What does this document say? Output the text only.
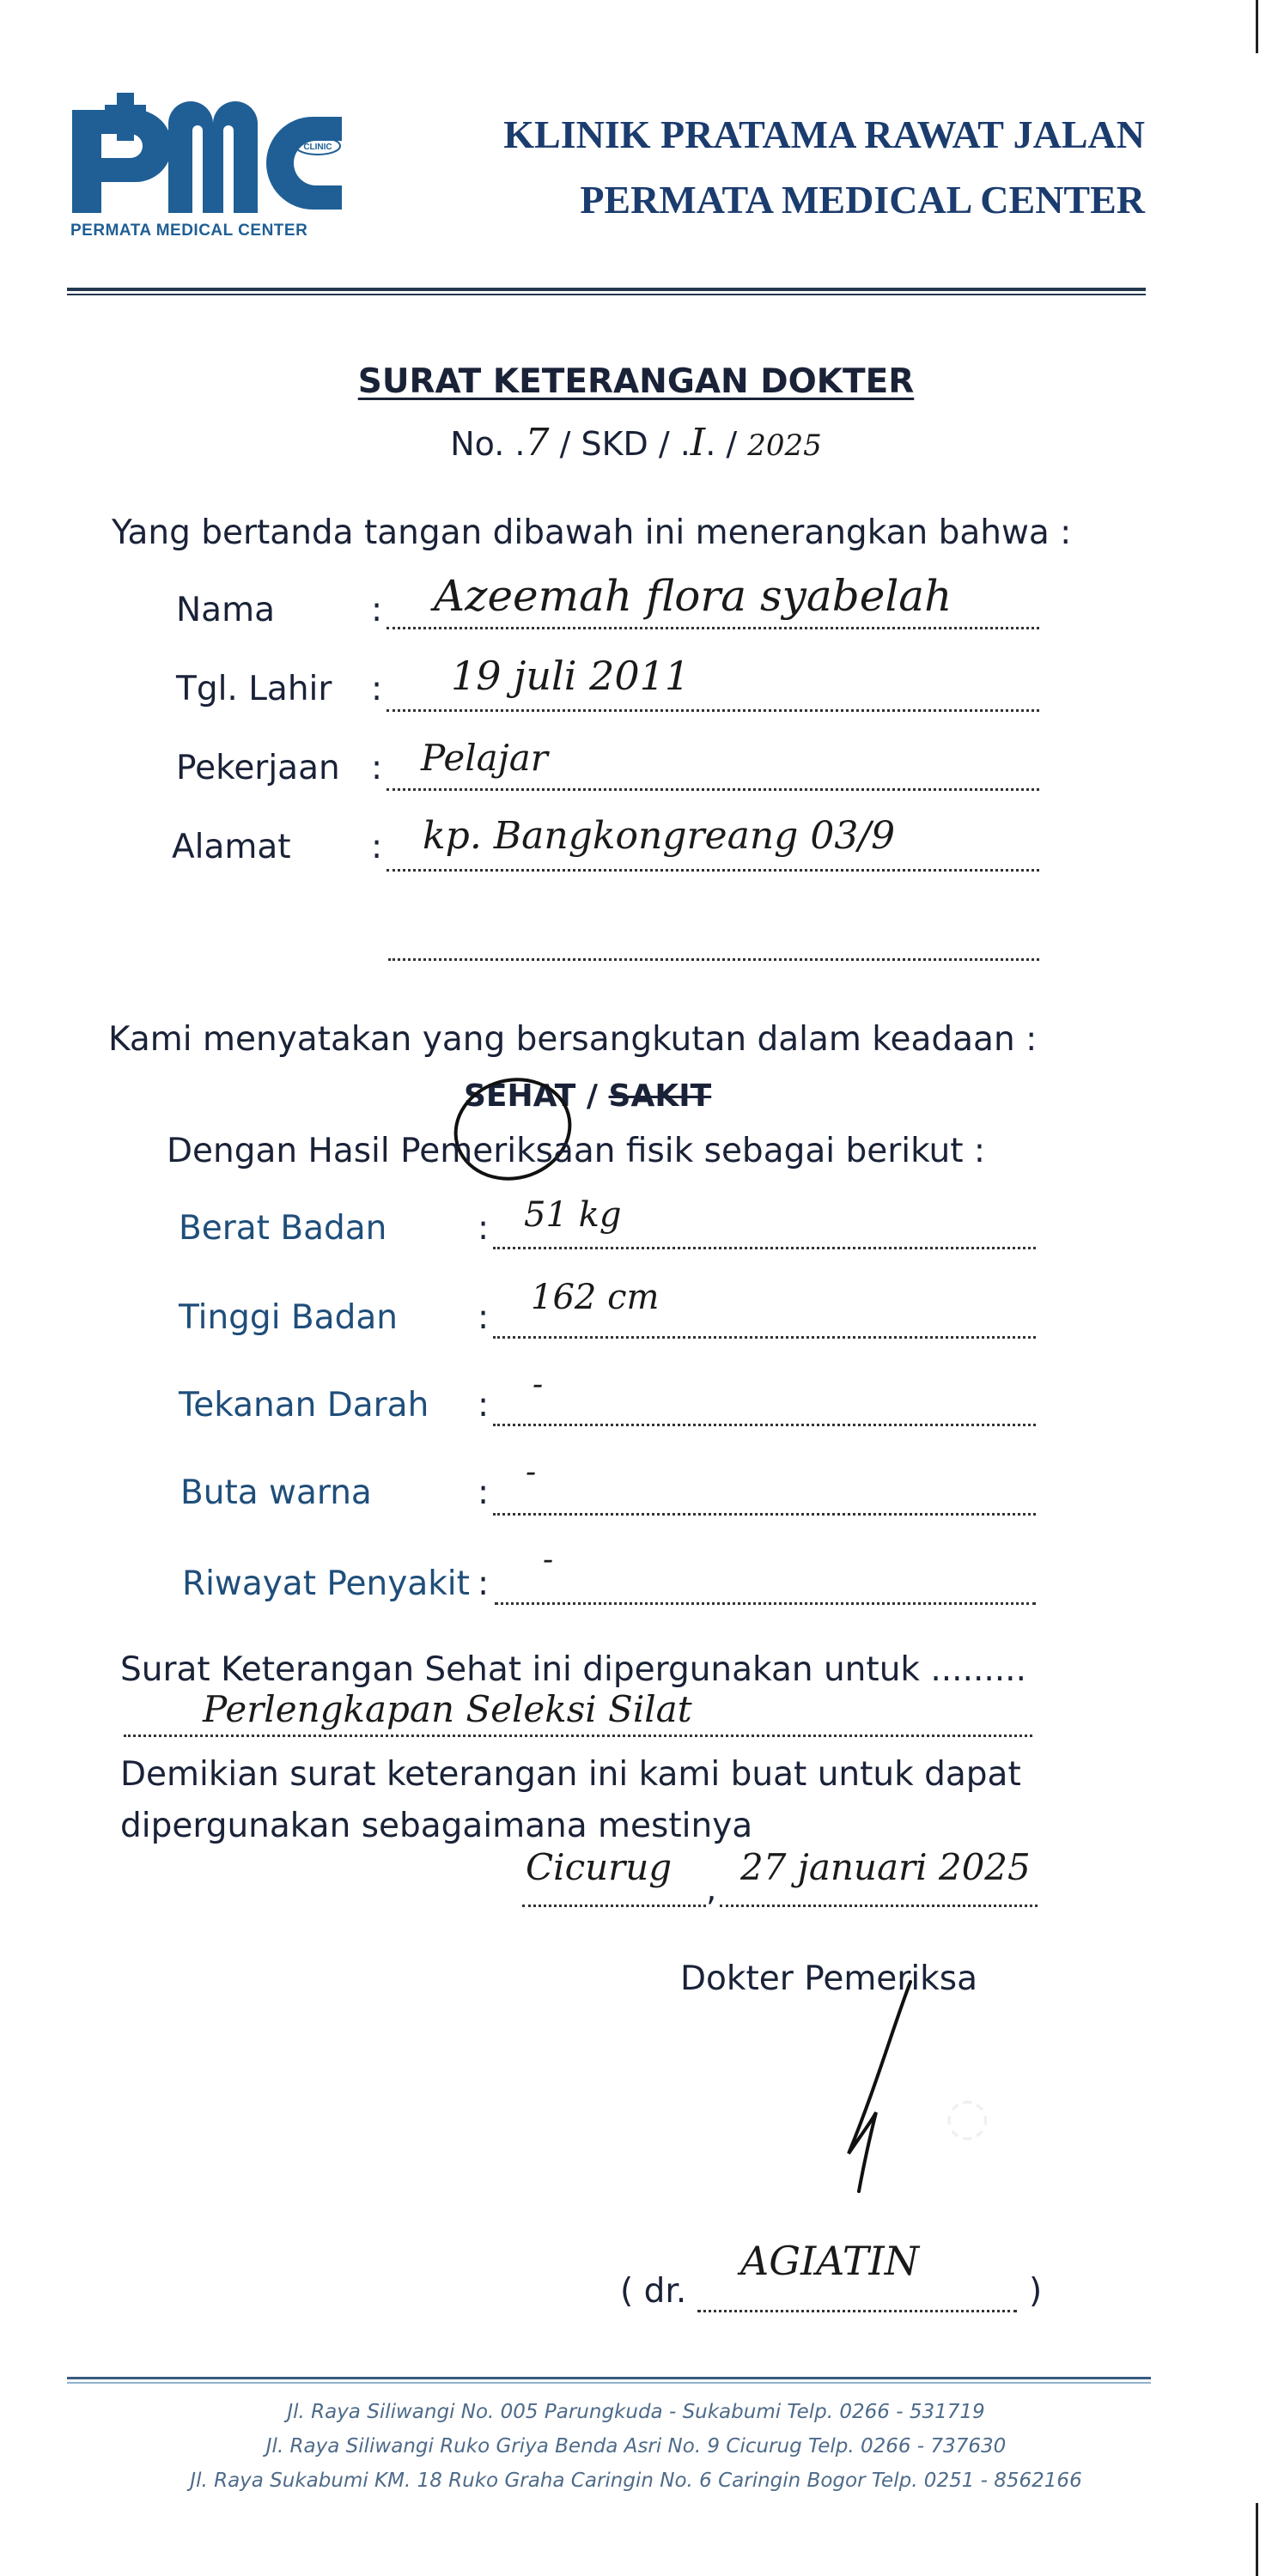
CLINIC
PERMATA MEDICAL CENTER
KLINIK PRATAMA RAWAT JALAN
PERMATA MEDICAL CENTER
SURAT KETERANGAN DOKTER
No. .7 / SKD / .I. / 2025
Yang bertanda tangan dibawah ini menerangkan bahwa :
Nama	: Azeemah flora syabelah
Tgl. Lahir : 19 juli 2011
Pekerjaan : Pelajar
Alamat : kp. Bangkongreang 03/9
Kami menyatakan yang bersangkutan dalam keadaan :
SEHAT / SAKIT
Dengan Hasil Pemeriksaan fisik sebagai berikut :
Berat Badan	: 51 kg
Tinggi Badan :
162 cm
Tekanan Darah :
-
Buta warna	:
-
Riwayat Penyakit :
-
Surat Keterangan Sehat ini dipergunakan untuk .........
Perlengkapan Seleksi Silat
Demikian surat keterangan ini kami buat untuk dapat
dipergunakan sebagaimana mestinya
,
Cicurug 27 januari 2025
Dokter Pemeriksa
◌
( dr.	)
AGIATIN
Jl. Raya Siliwangi No. 005 Parungkuda - Sukabumi Telp. 0266 - 531719
Jl. Raya Siliwangi Ruko Griya Benda Asri No. 9 Cicurug Telp. 0266 - 737630
Jl. Raya Sukabumi KM. 18 Ruko Graha Caringin No. 6 Caringin Bogor Telp. 0251 - 8562166
